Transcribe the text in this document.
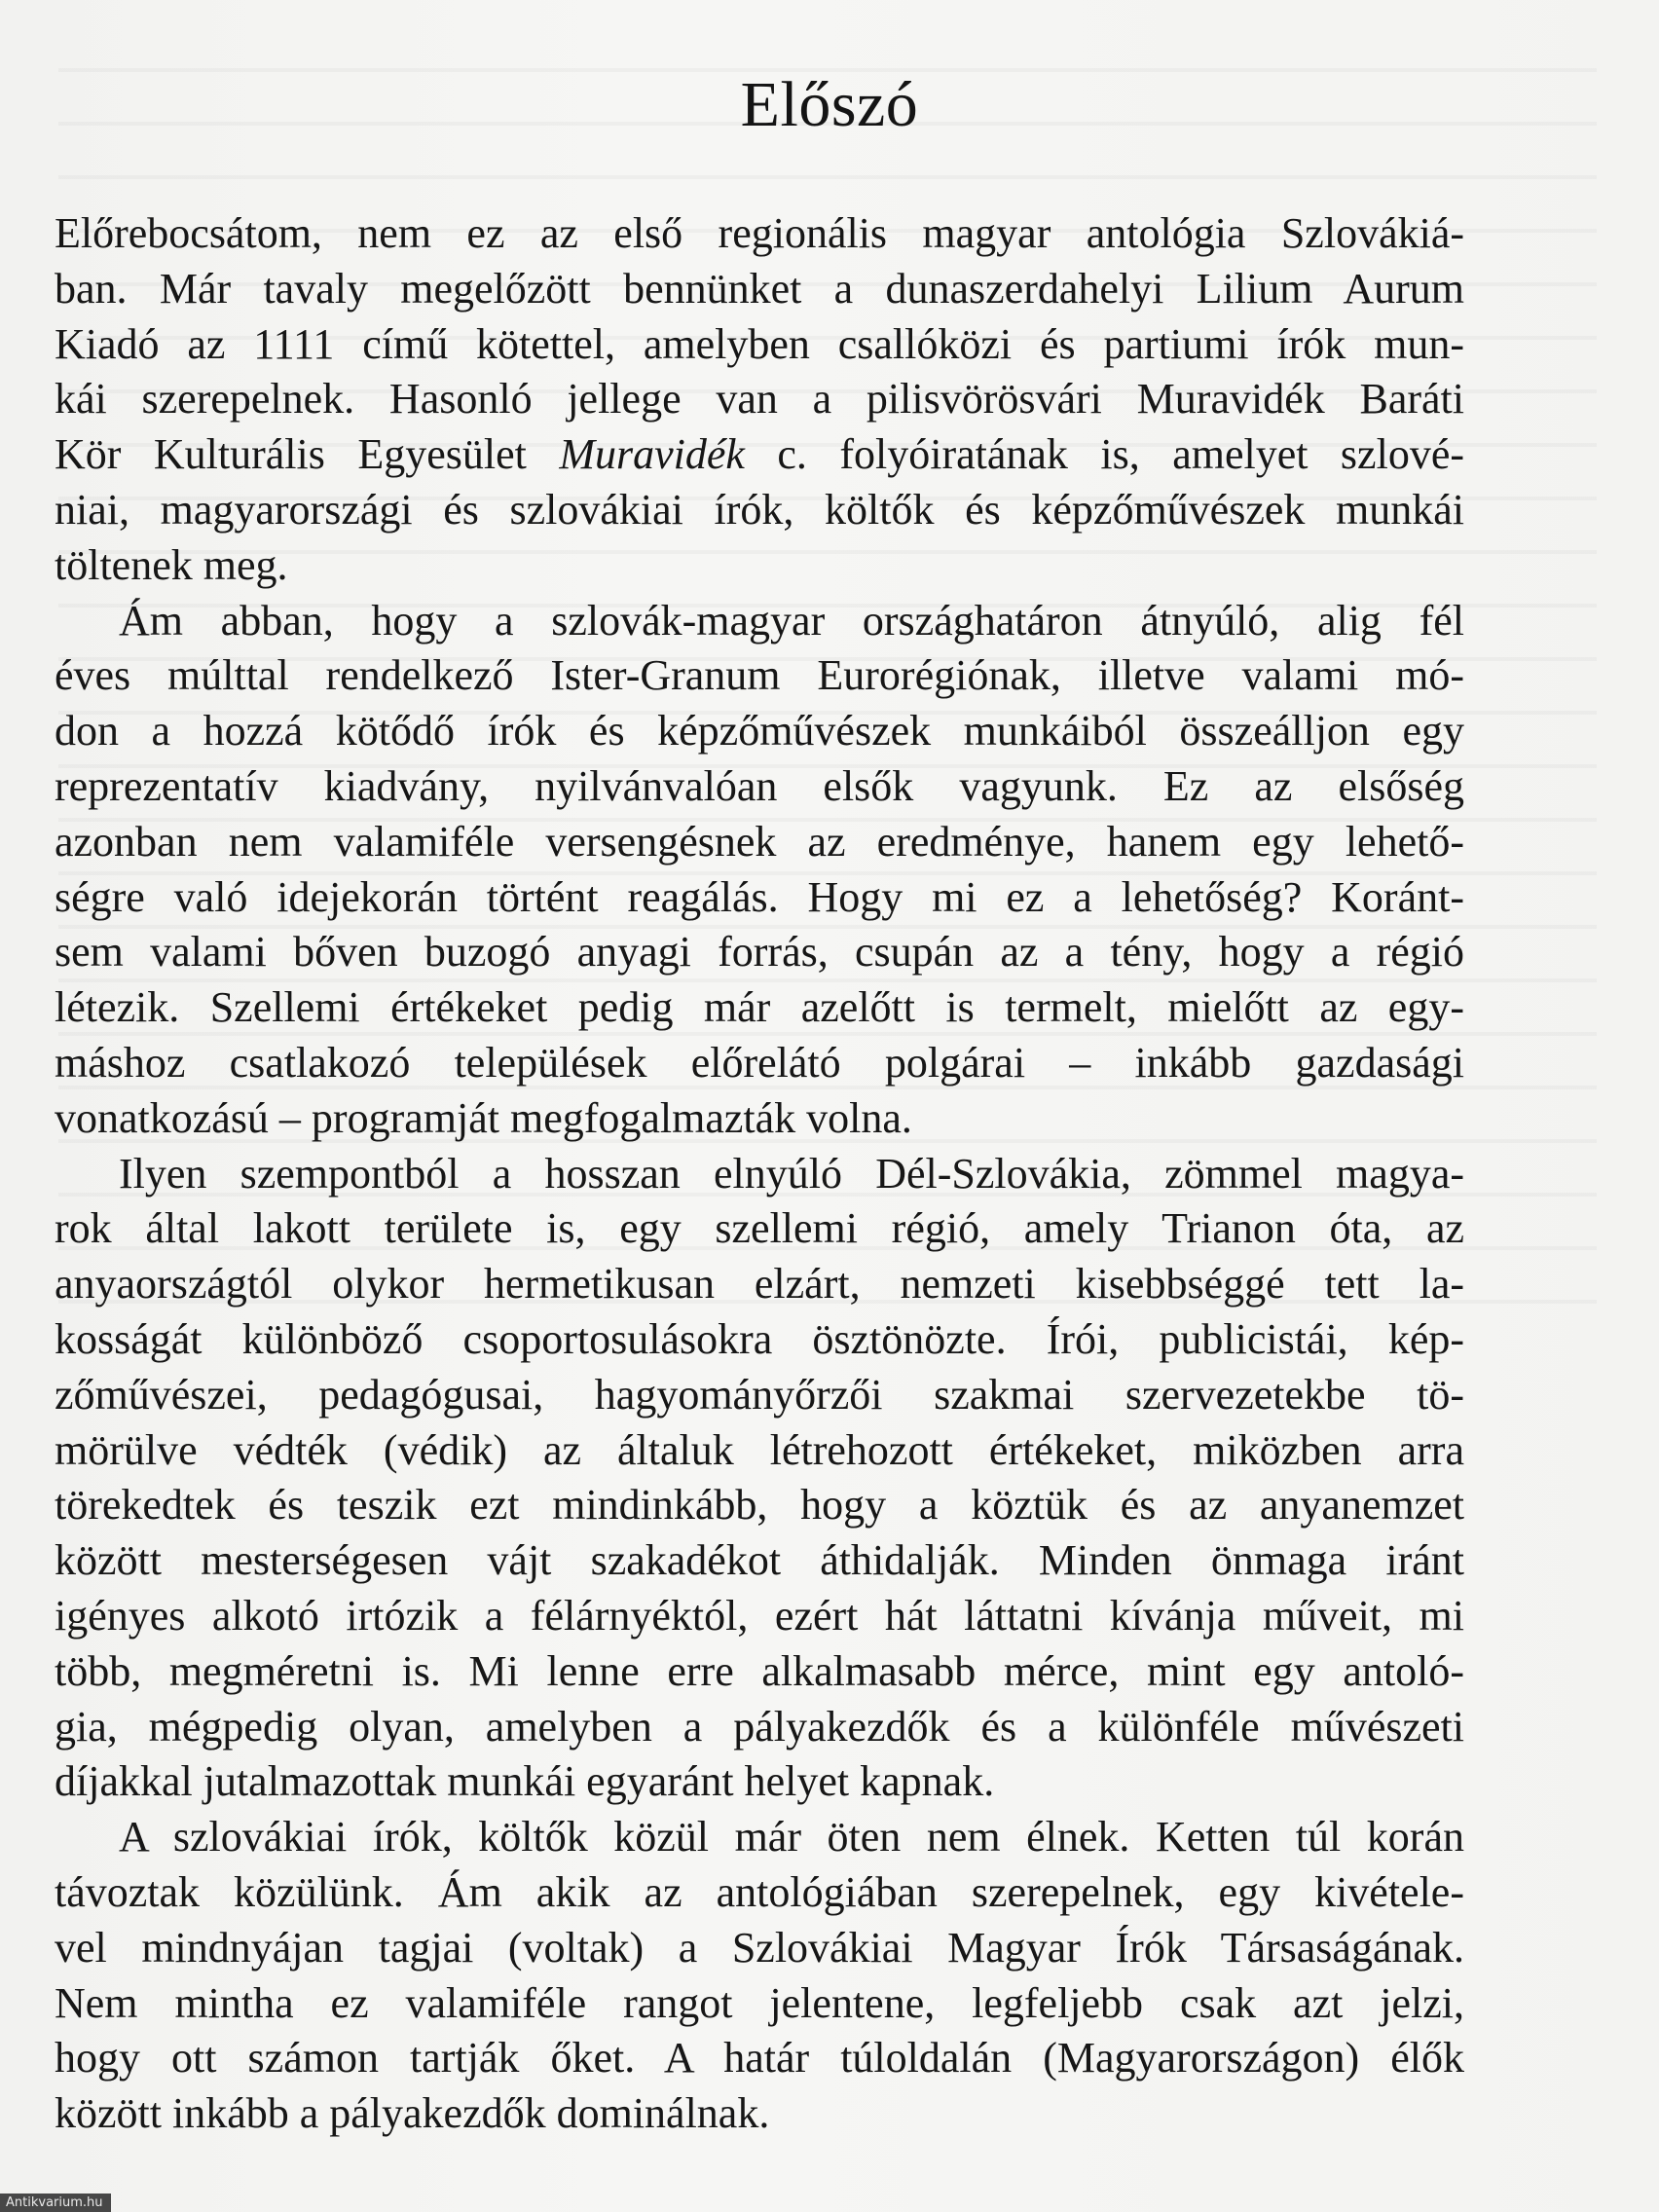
Előszó
Előrebocsátom, nem ez az első regionális magyar antológia Szlovákiá-
ban. Már tavaly megelőzött bennünket a dunaszerdahelyi Lilium Aurum
Kiadó az 1111 című kötettel, amelyben csallóközi és partiumi írók mun-
kái szerepelnek. Hasonló jellege van a pilisvörösvári Muravidék Baráti
Kör Kulturális Egyesület Muravidék c. folyóiratának is, amelyet szlové-
niai, magyarországi és szlovákiai írók, költők és képzőművészek munkái
töltenek meg.
Ám abban, hogy a szlovák-magyar országhatáron átnyúló, alig fél
éves múlttal rendelkező Ister-Granum Eurorégiónak, illetve valami mó-
don a hozzá kötődő írók és képzőművészek munkáiból összeálljon egy
reprezentatív kiadvány, nyilvánvalóan elsők vagyunk. Ez az elsőség
azonban nem valamiféle versengésnek az eredménye, hanem egy lehető-
ségre való idejekorán történt reagálás. Hogy mi ez a lehetőség? Koránt-
sem valami bőven buzogó anyagi forrás, csupán az a tény, hogy a régió
létezik. Szellemi értékeket pedig már azelőtt is termelt, mielőtt az egy-
máshoz csatlakozó települések előrelátó polgárai – inkább gazdasági
vonatkozású – programját megfogalmazták volna.
Ilyen szempontból a hosszan elnyúló Dél-Szlovákia, zömmel magya-
rok által lakott területe is, egy szellemi régió, amely Trianon óta, az
anyaországtól olykor hermetikusan elzárt, nemzeti kisebbséggé tett la-
kosságát különböző csoportosulásokra ösztönözte. Írói, publicistái, kép-
zőművészei, pedagógusai, hagyományőrzői szakmai szervezetekbe tö-
mörülve védték (védik) az általuk létrehozott értékeket, miközben arra
törekedtek és teszik ezt mindinkább, hogy a köztük és az anyanemzet
között mesterségesen vájt szakadékot áthidalják. Minden önmaga iránt
igényes alkotó irtózik a félárnyéktól, ezért hát láttatni kívánja műveit, mi
több, megméretni is. Mi lenne erre alkalmasabb mérce, mint egy antoló-
gia, mégpedig olyan, amelyben a pályakezdők és a különféle művészeti
díjakkal jutalmazottak munkái egyaránt helyet kapnak.
A szlovákiai írók, költők közül már öten nem élnek. Ketten túl korán
távoztak közülünk. Ám akik az antológiában szerepelnek, egy kivétele-
vel mindnyájan tagjai (voltak) a Szlovákiai Magyar Írók Társaságának.
Nem mintha ez valamiféle rangot jelentene, legfeljebb csak azt jelzi,
hogy ott számon tartják őket. A határ túloldalán (Magyarországon) élők
között inkább a pályakezdők dominálnak.
Antikvarium.hu
